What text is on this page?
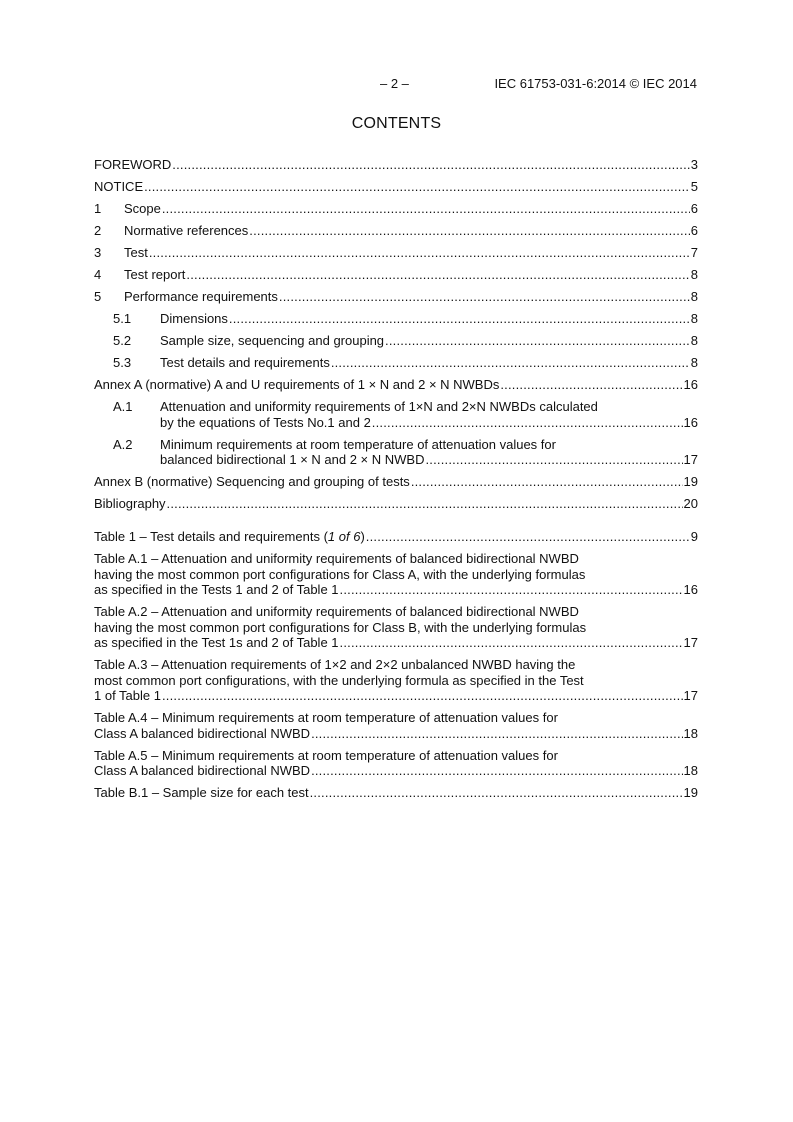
– 2 –	IEC 61753-031-6:2014 © IEC 2014
CONTENTS
FOREWORD .....	3
NOTICE .....	5
1	Scope .....	6
2	Normative references .....	6
3	Test .....	7
4	Test report .....	8
5	Performance requirements .....	8
5.1	Dimensions .....	8
5.2	Sample size, sequencing and grouping .....	8
5.3	Test details and requirements .....	8
Annex A (normative) A and U requirements of 1 × N and 2 × N NWBDs .....	16
A.1	Attenuation and uniformity requirements of 1×N and 2×N NWBDs calculated
by the equations of Tests No.1 and 2 .....	16
A.2	Minimum requirements at room temperature of attenuation values for
balanced bidirectional 1 × N and 2 × N NWBD .....	17
Annex B (normative) Sequencing and grouping of tests .....	19
Bibliography .....	20
Table 1 – Test details and requirements (1 of 6) .....	9
Table A.1 – Attenuation and uniformity requirements of balanced bidirectional NWBD
having the most common port configurations for Class A, with the underlying formulas
as specified in the Tests 1 and 2 of Table 1 .....	16
Table A.2 – Attenuation and uniformity requirements of balanced bidirectional NWBD
having the most common port configurations for Class B, with the underlying formulas
as specified in the Test 1s and 2 of Table 1 .....	17
Table A.3 – Attenuation requirements of 1×2 and 2×2 unbalanced NWBD having the
most common port configurations, with the underlying formula as specified in the Test
1 of Table 1 .....	17
Table A.4 – Minimum requirements at room temperature of attenuation values for
Class A balanced bidirectional NWBD .....	18
Table A.5 – Minimum requirements at room temperature of attenuation values for
Class A balanced bidirectional NWBD .....	18
Table B.1 – Sample size for each test .....	19
